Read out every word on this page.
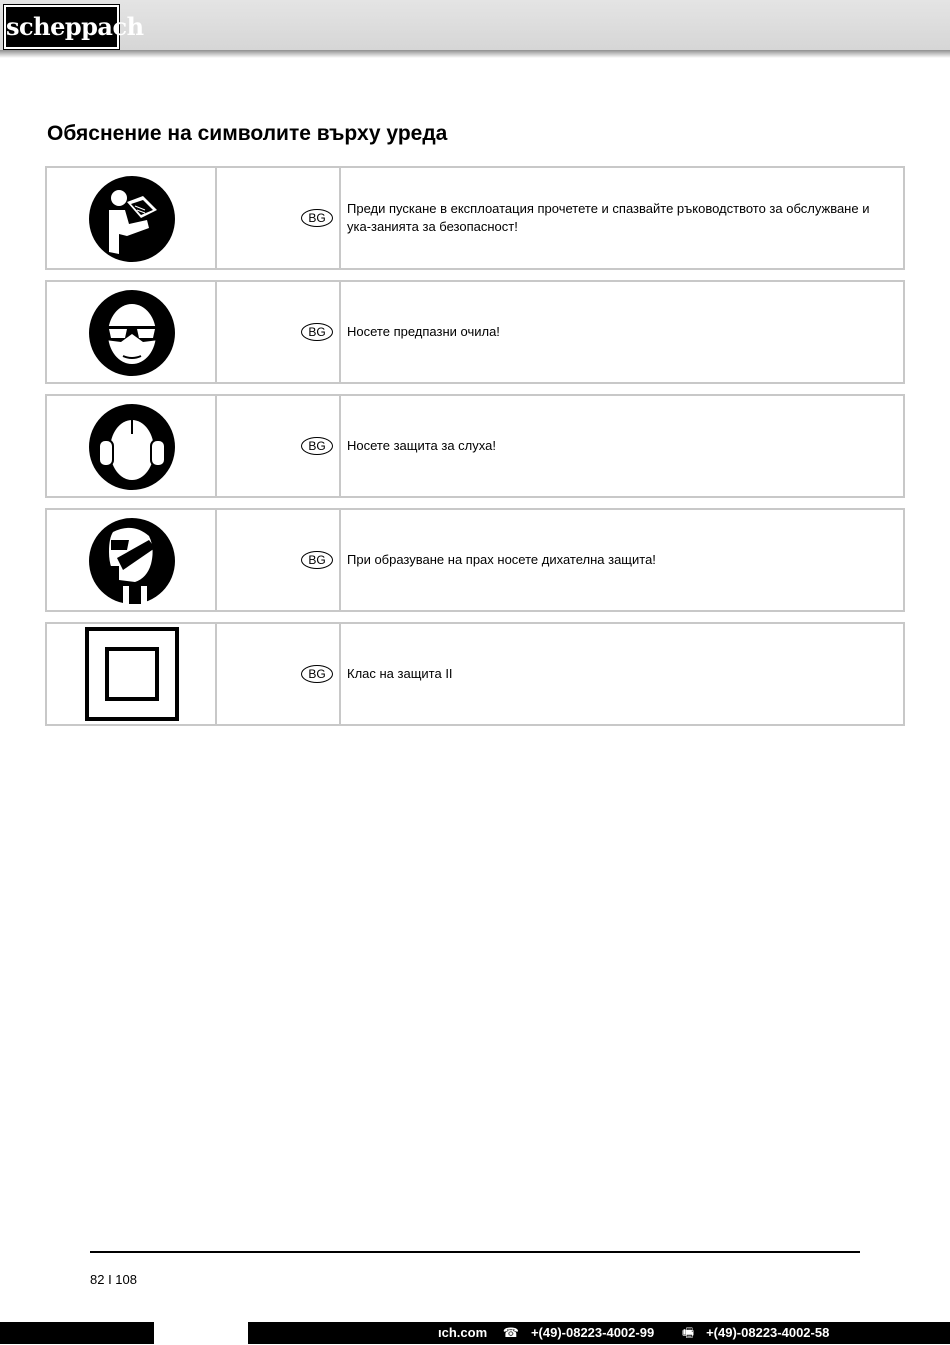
scheppach
Обяснение на символите върху уреда
BG
Преди пускане в експлоатация прочетете и спазвайте ръководството за обслужване и ука-заниятa за безопасност!
BG	Носете предпазни очила!
BG	Носете защита за слуха!
BG	При образуване на прах носете дихателна защита!
BG	Клас на защита II
82 I 108
ıch.com ☎ +(49)-08223-4002-99 🖷 +(49)-08223-4002-58
